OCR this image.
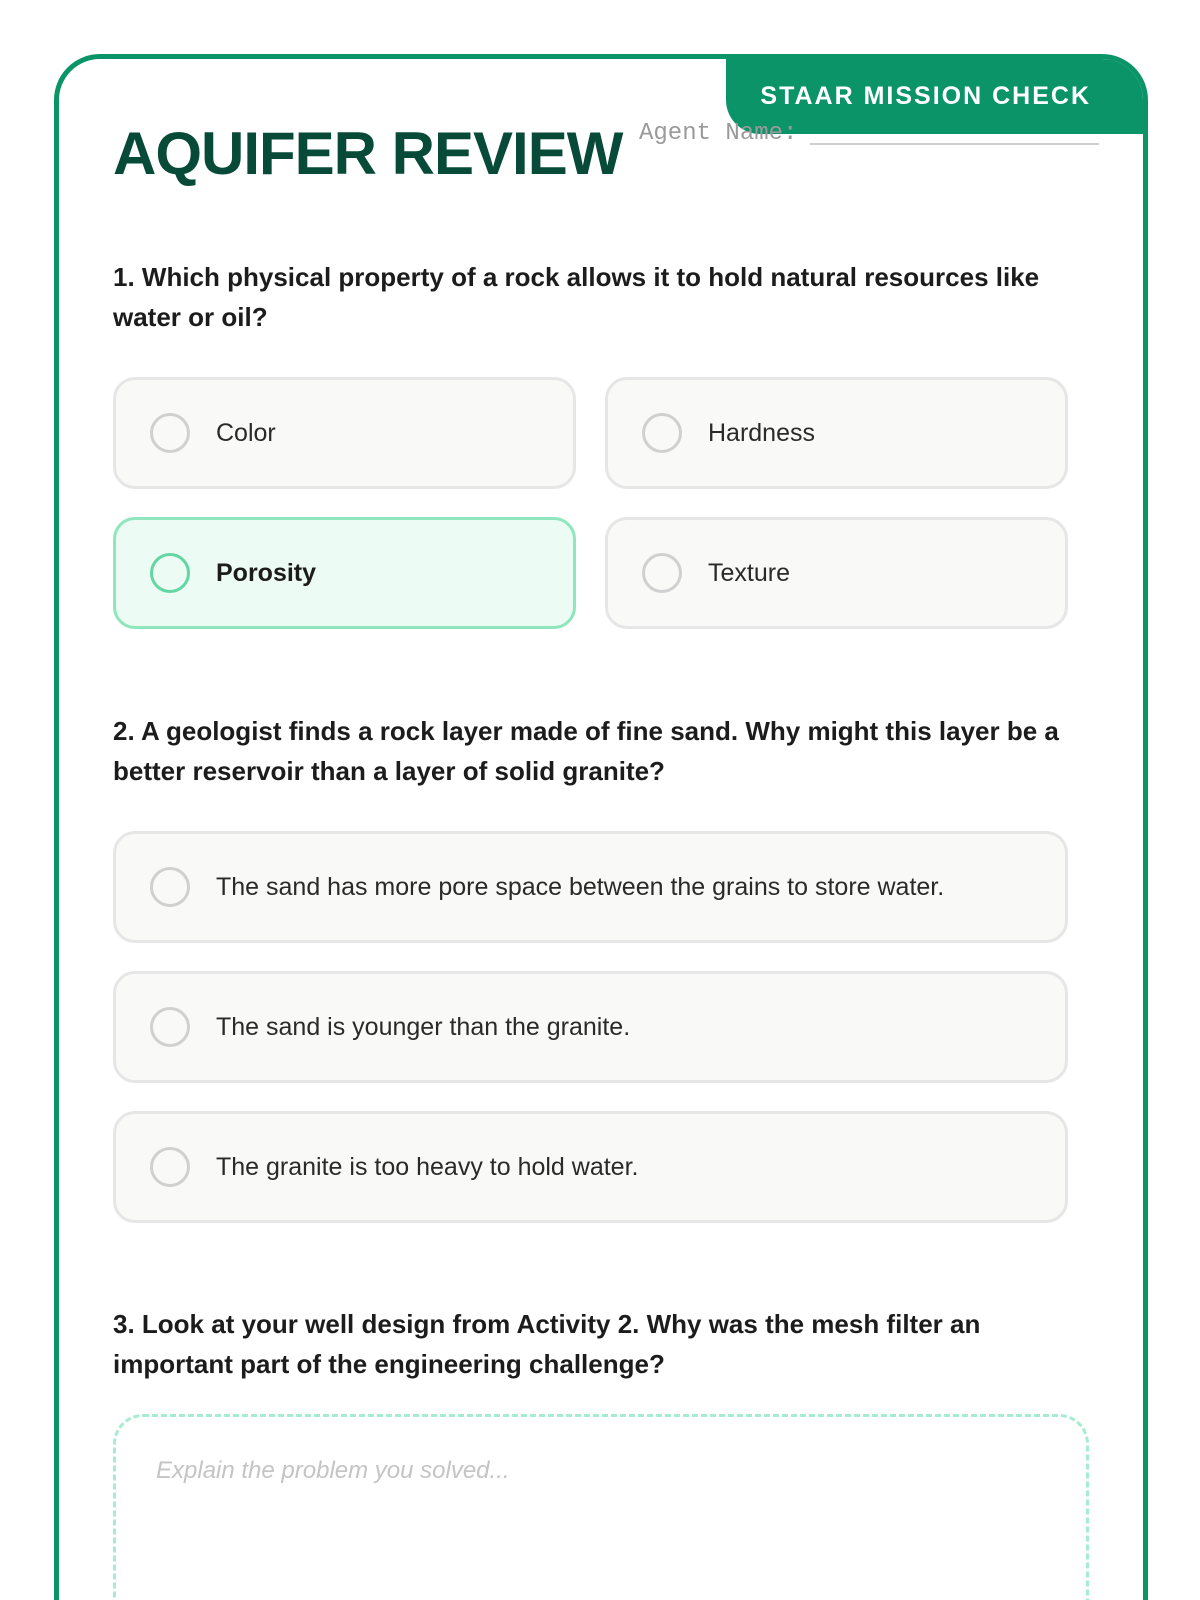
STAAR MISSION CHECK
AQUIFER REVIEW Agent Name:
1. Which physical property of a rock allows it to hold natural resources like water or oil?
Color	Hardness
Porosity	Texture
2. A geologist finds a rock layer made of fine sand. Why might this layer be a better reservoir than a layer of solid granite?
The sand has more pore space between the grains to store water.
The sand is younger than the granite.
The granite is too heavy to hold water.
3. Look at your well design from Activity 2. Why was the mesh filter an important part of the engineering challenge?
Explain the problem you solved...
